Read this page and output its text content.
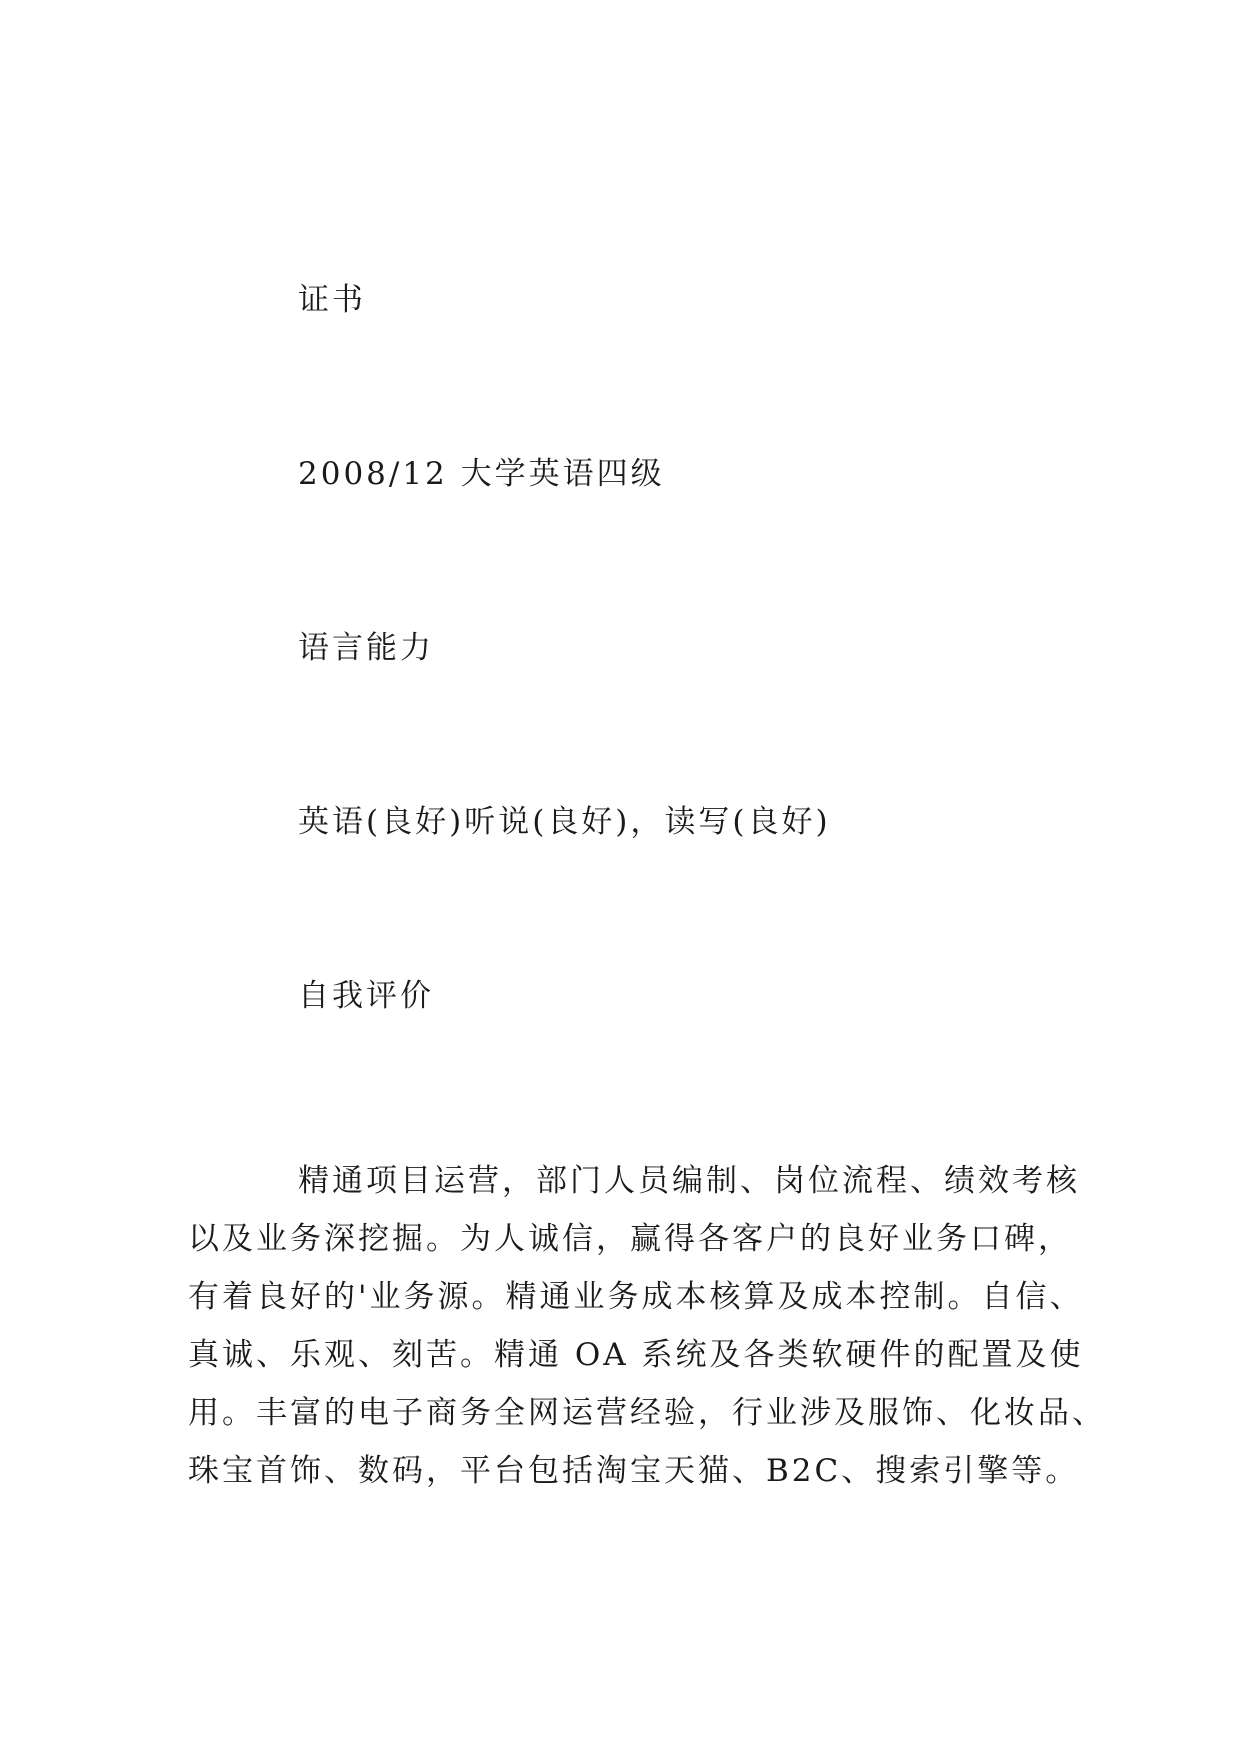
证书
2008/12 大学英语四级
语言能力
英语(良好)听说(良好)，读写(良好)
自我评价
精通项目运营，部门人员编制、岗位流程、绩效考核
以及业务深挖掘。为人诚信，赢得各客户的良好业务口碑，
有着良好的'业务源。精通业务成本核算及成本控制。自信、
真诚、乐观、刻苦。精通 OA 系统及各类软硬件的配置及使
用。丰富的电子商务全网运营经验，行业涉及服饰、化妆品、
珠宝首饰、数码，平台包括淘宝天猫、B2C、搜索引擎等。
